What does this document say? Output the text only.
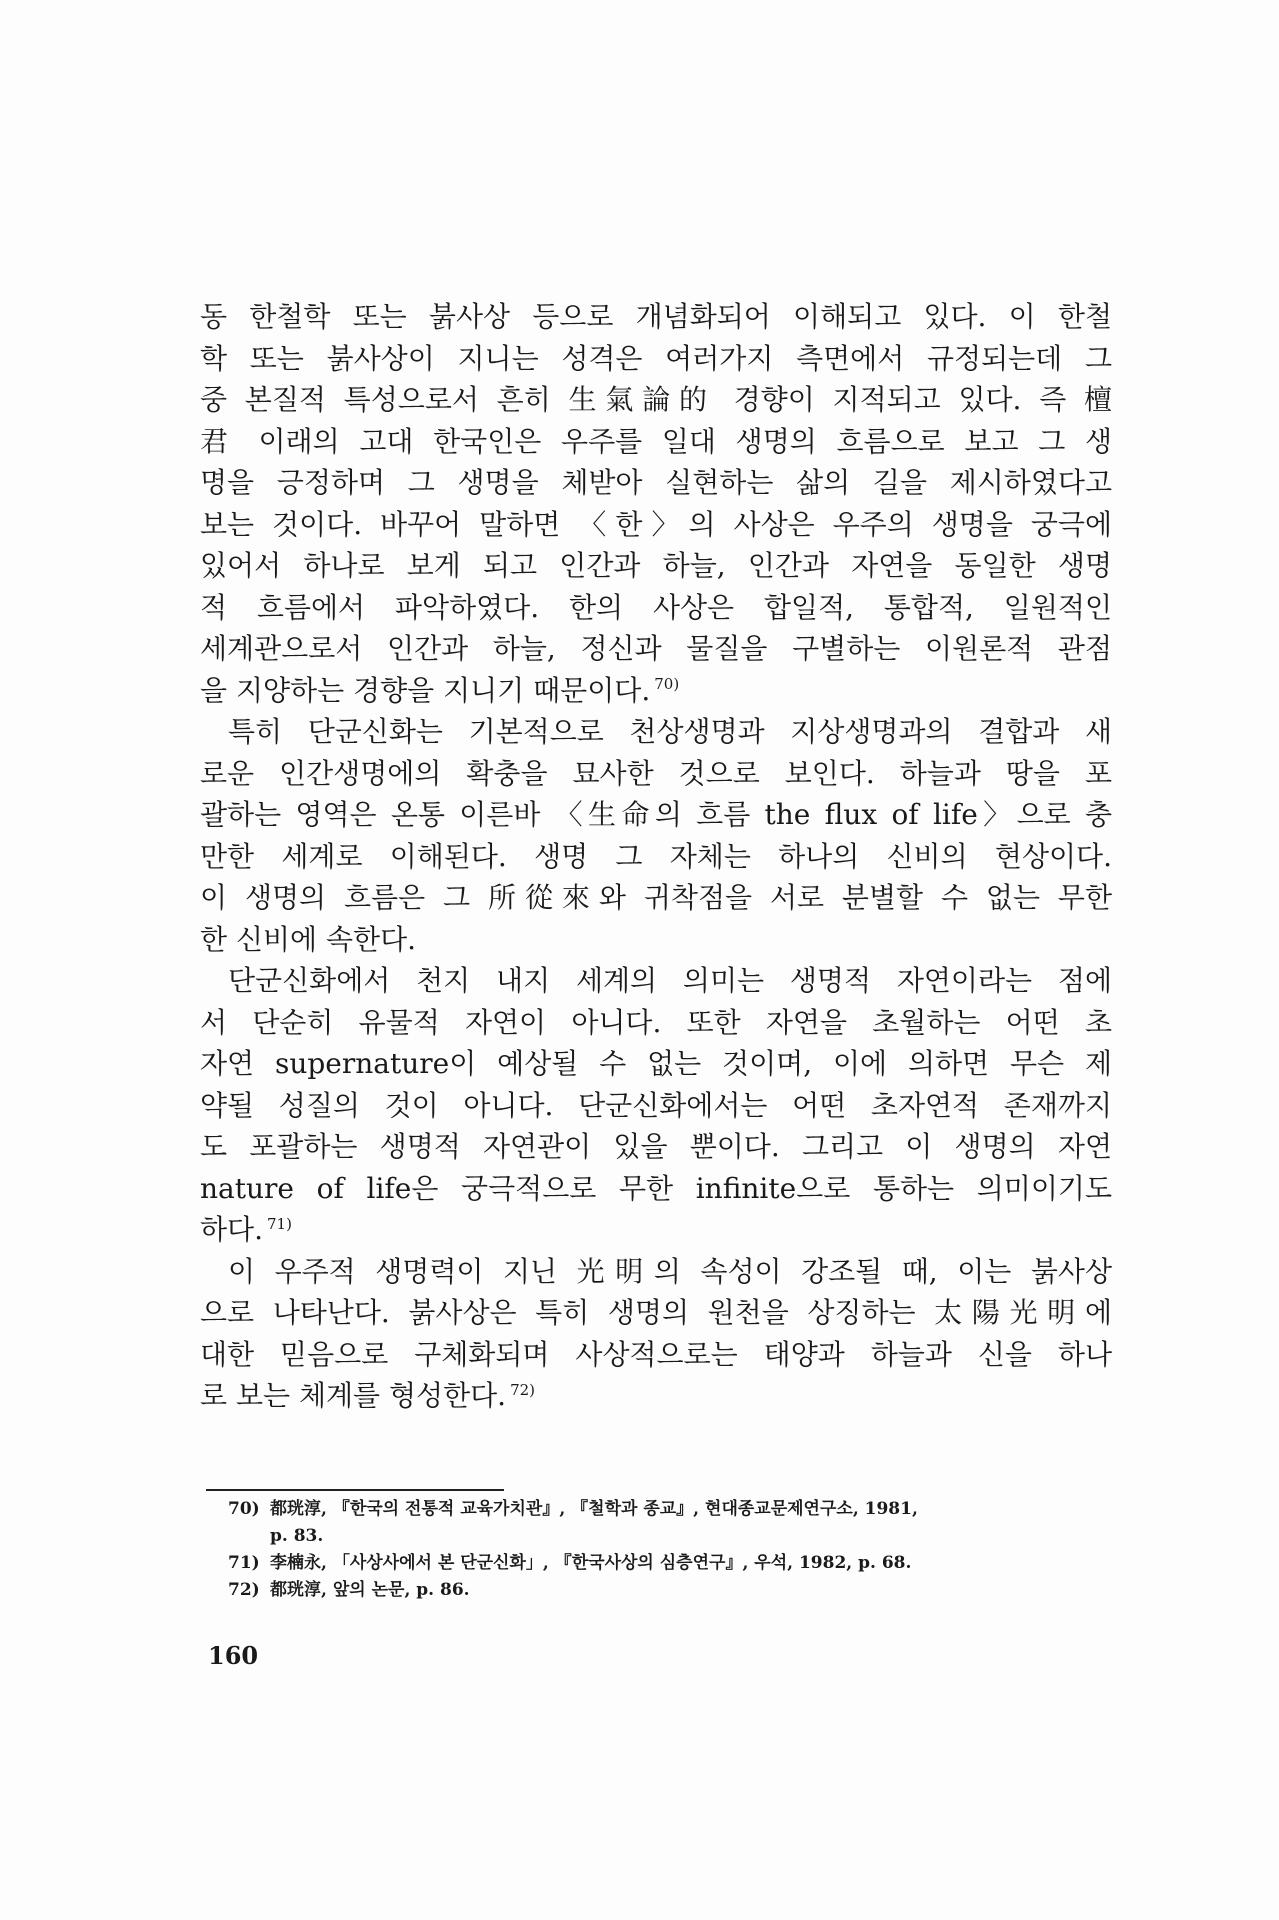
동 한철학 또는 붉사상 등으로 개념화되어 이해되고 있다. 이 한철
학 또는 붉사상이 지니는 성격은 여러가지 측면에서 규정되는데 그
중 본질적 특성으로서 흔히 生氣論的 경향이 지적되고 있다. 즉 檀
君 이래의 고대 한국인은 우주를 일대 생명의 흐름으로 보고 그 생
명을 긍정하며 그 생명을 체받아 실현하는 삶의 길을 제시하였다고
보는 것이다. 바꾸어 말하면 〈한〉의 사상은 우주의 생명을 궁극에
있어서 하나로 보게 되고 인간과 하늘, 인간과 자연을 동일한 생명
적 흐름에서 파악하였다. 한의 사상은 합일적, 통합적, 일원적인
세계관으로서 인간과 하늘, 정신과 물질을 구별하는 이원론적 관점
을 지양하는 경향을 지니기 때문이다. $^{70)}$
특히 단군신화는 기본적으로 천상생명과 지상생명과의 결합과 새
로운 인간생명에의 확충을 묘사한 것으로 보인다. 하늘과 땅을 포
괄하는 영역은 온통 이른바 〈生命의 흐름 the flux of life〉으로 충
만한 세계로 이해된다. 생명 그 자체는 하나의 신비의 현상이다.
이 생명의 흐름은 그 所從來와 귀착점을 서로 분별할 수 없는 무한
한 신비에 속한다.
단군신화에서 천지 내지 세계의 의미는 생명적 자연이라는 점에
서 단순히 유물적 자연이 아니다. 또한 자연을 초월하는 어떤 초
자연 supernature이 예상될 수 없는 것이며, 이에 의하면 무슨 제
약될 성질의 것이 아니다. 단군신화에서는 어떤 초자연적 존재까지
도 포괄하는 생명적 자연관이 있을 뿐이다. 그리고 이 생명의 자연
nature of life은 궁극적으로 무한 infinite으로 통하는 의미이기도
하다. $^{71)}$
이 우주적 생명력이 지닌 光明의 속성이 강조될 때, 이는 붉사상
으로 나타난다. 붉사상은 특히 생명의 원천을 상징하는 太陽光明에
대한 믿음으로 구체화되며 사상적으로는 태양과 하늘과 신을 하나
로 보는 체계를 형성한다. $^{72)}$
70) 都珖淳, 『한국의 전통적 교육가치관』, 『철학과 종교』, 현대종교문제연구소, 1981,
p. 83.
71) 李楠永, 「사상사에서 본 단군신화」, 『한국사상의 심층연구』, 우석, 1982, p. 68.
72) 都珖淳, 앞의 논문, p. 86.
160
